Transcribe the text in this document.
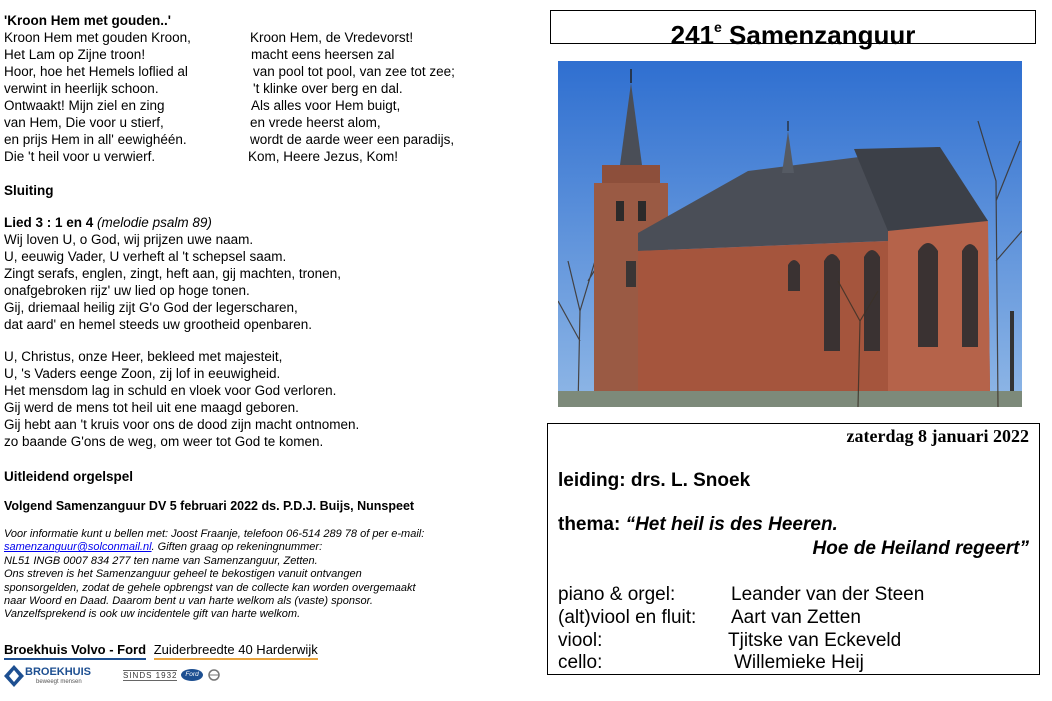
'Kroon Hem met gouden..'
Kroon Hem met gouden Kroon,
Het Lam op Zijne troon!
Hoor, hoe het Hemels loflied al
verwint in heerlijk schoon.
Ontwaakt! Mijn ziel en zing
van Hem, Die voor u stierf,
en prijs Hem in all' eewighéén.
Die 't heil voor u verwierf.
Kroon Hem, de Vredevorst!
macht eens heersen zal
van pool tot pool, van zee tot zee;
't klinke over berg en dal.
Als alles voor Hem buigt,
en vrede heerst alom,
wordt de aarde weer een paradijs,
Kom, Heere Jezus, Kom!
Sluiting
Lied 3 : 1 en 4 (melodie psalm 89)
Wij loven U, o God, wij prijzen uwe naam.
U, eeuwig Vader, U verheft al 't schepsel saam.
Zingt serafs, englen, zingt, heft aan, gij machten, tronen,
onafgebroken rijz' uw lied op hoge tonen.
Gij, driemaal heilig zijt G'o God der legerscharen,
dat aard' en hemel steeds uw grootheid openbaren.
U, Christus, onze Heer, bekleed met majesteit,
U, 's Vaders eenge Zoon, zij lof in eeuwigheid.
Het mensdom lag in schuld en vloek voor God verloren.
Gij werd de mens tot heil uit ene maagd geboren.
Gij hebt aan 't kruis voor ons de dood zijn macht ontnomen.
zo baande G'ons de weg, om weer tot God te komen.
Uitleidend orgelspel
Volgend Samenzanguur DV 5 februari 2022 ds. P.D.J. Buijs, Nunspeet
Voor informatie kunt u bellen met: Joost Fraanje, telefoon 06-514 289 78 of per e-mail:
samenzanguur@solconmail.nl. Giften graag op rekeningnummer:
NL51 INGB 0007 834 277 ten name van Samenzanguur, Zetten.
Ons streven is het Samenzanguur geheel te bekostigen vanuit ontvangen
sponsorgelden, zodat de gehele opbrengst van de collecte kan worden overgemaakt
naar Woord en Daad. Daarom bent u van harte welkom als (vaste) sponsor.
Vanzelfsprekend is ook uw incidentele gift van harte welkom.
Broekhuis Volvo - Ford Zuiderbreedte 40 Harderwijk
BROEKHUIS
beweegt mensen
SINDS 1932	Ford
241e Samenzanguur
zaterdag 8 januari 2022
leiding: drs. L. Snoek
thema: “Het heil is des Heeren.
Hoe de Heiland regeert”
piano & orgel:	Leander van der Steen
(alt)viool en fluit: Aart van Zetten
viool:	Tjitske van Eckeveld
cello:	Willemieke Heij
